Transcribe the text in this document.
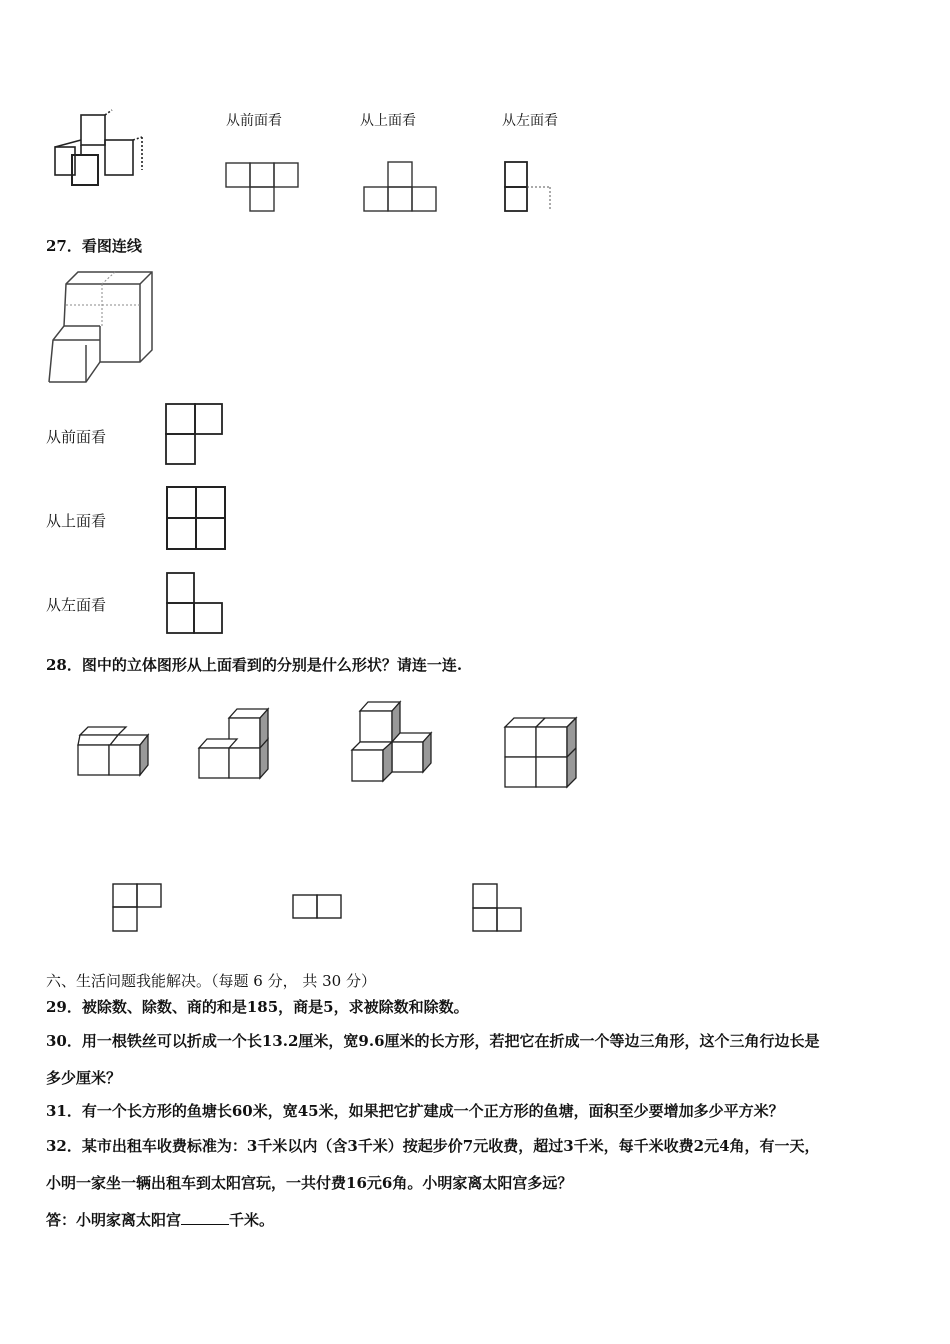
从前面看	从上面看	从左面看
27．看图连线
从前面看
从上面看
从左面看
28．图中的立体图形从上面看到的分别是什么形状？请连一连.
六、生活问题我能解决。（每题 6 分， 共 30 分）
29．被除数、除数、商的和是185，商是5，求被除数和除数。
30．用一根铁丝可以折成一个长13.2厘米，宽9.6厘米的长方形，若把它在折成一个等边三角形，这个三角行边长是
多少厘米？
31．有一个长方形的鱼塘长60米，宽45米，如果把它扩建成一个正方形的鱼塘，面积至少要增加多少平方米？
32．某市出租车收费标准为：3千米以内（含3千米）按起步价7元收费，超过3千米，每千米收费2元4角，有一天，
小明一家坐一辆出租车到太阳宫玩，一共付费16元6角。小明家离太阳宫多远？
答：小明家离太阳宫	千米。
